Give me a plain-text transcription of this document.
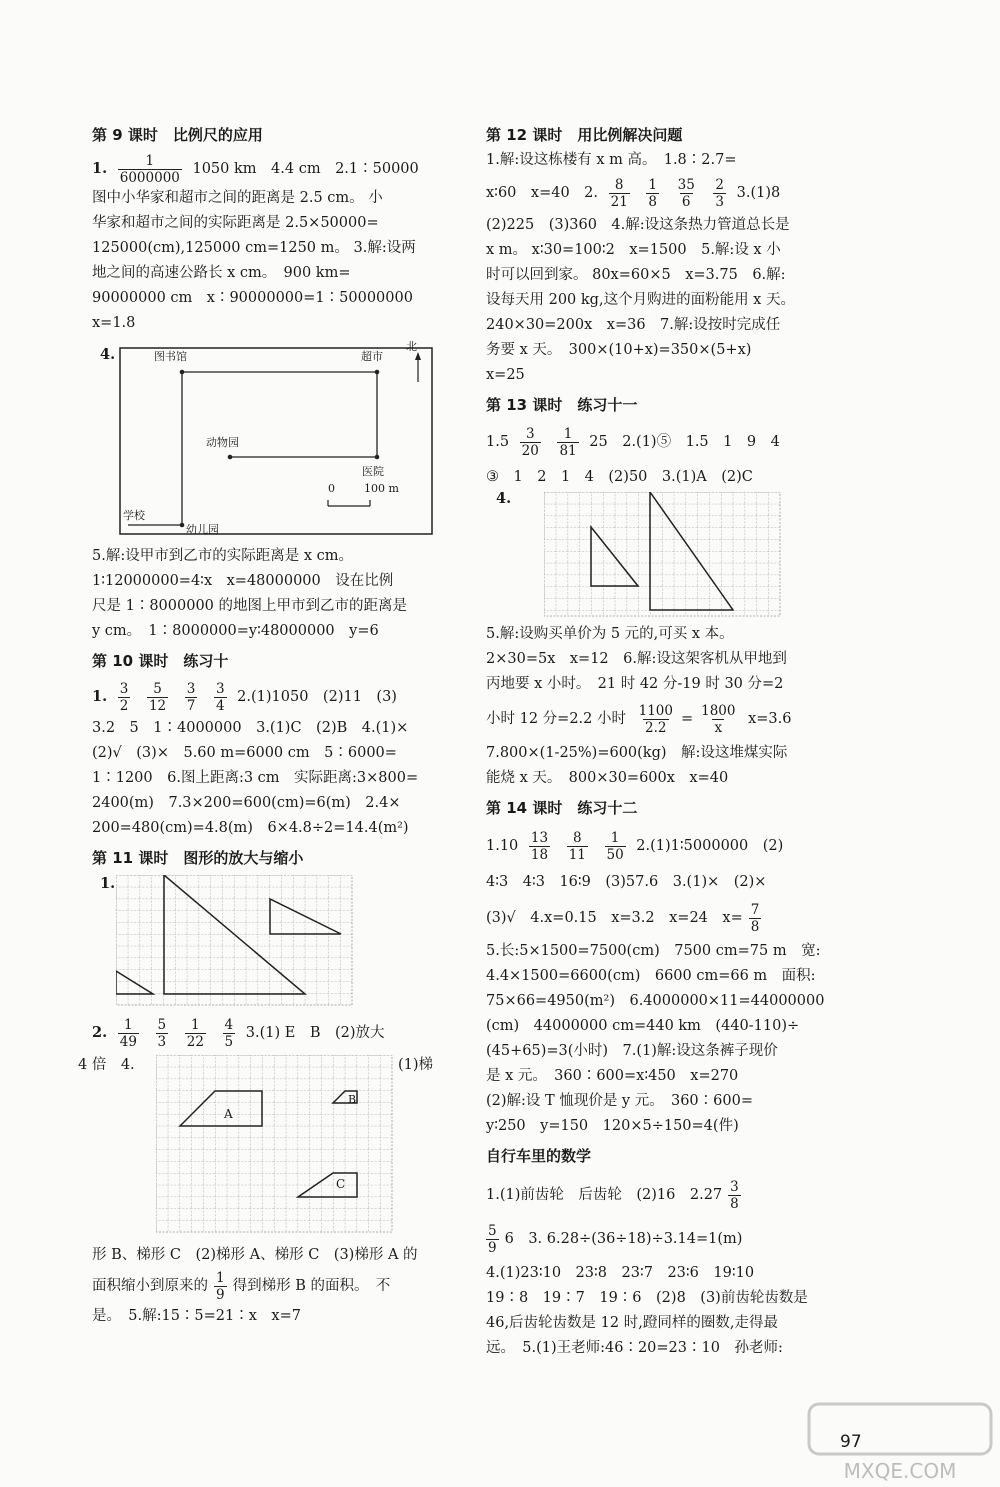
第 9 课时　比例尺的应用
1. $\frac{1}{6000000} 1050$ km　4.4 cm　2.1∶50000
图中小华家和超市之间的距离是 2.5 cm。 小
华家和超市之间的实际距离是 2.5×50000=
125000(cm),125000 cm=1250 m。 3.解:设两
地之间的高速公路长 x cm。　900 km=
90000000 cm　x∶90000000=1∶50000000
x=1.8
4.	图书馆	超市
北
动物园
医院
学校
幼儿园
0	100 m
5.解:设甲市到乙市的实际距离是 x cm。
1∶12000000=4∶x　x=48000000　设在比例
尺是 1∶8000000 的地图上甲市到乙市的距离是
y cm。　1∶8000000=y∶48000000　y=6
第 10 课时　练习十
1. $\frac{3}{2}$
$\frac{5}{12}$
$\frac{3}{7}$
$\frac{3}{4} 2.(1)1050$　(2)11　(3)
3.2　5　1∶4000000　3.(1)C　(2)B　4.(1)×
(2)√　(3)×　5.60 m=6000 cm　5∶6000=
1∶1200　6.图上距离:3 cm　实际距离:3×800=
2400(m)　7.3×200=600(cm)=6(m)　2.4×
200=480(cm)=4.8(m)　6×4.8÷2=14.4(m²)
第 11 课时　图形的放大与缩小
1.
2. $\frac{1}{49}$
$\frac{5}{3}$
$\frac{1}{22}$
$\frac{4}{5} 3.(1)$ E　B　(2)放大
4 倍　4.	(1)梯
A
B
C
形 B、梯形 C　(2)梯形 A、梯形 C　(3)梯形 A 的
面积缩小到原来的 $\frac{1}{9}$ 得到梯形 B 的面积。　不
是。　5.解:15∶5=21∶x　x=7
第 12 课时　用比例解决问题
1.解:设这栋楼有 x m 高。　1.8∶2.7=
x∶60　x=40　2. $\frac{8}{21}$
$\frac{1}{8}$
$\frac{35}{6}$
$\frac{2}{3} 3.(1)8$
(2)225　(3)360　4.解:设这条热力管道总长是
x m。 x∶30=100∶2　x=1500　5.解:设 x 小
时可以回到家。 80x=60×5　x=3.75　6.解:
设每天用 200 kg,这个月购进的面粉能用 x 天。
240×30=200x　x=36　7.解:设按时完成任
务要 x 天。　300×(10+x)=350×(5+x)
x=25
第 13 课时　练习十一
$1.5 \frac{3}{20}$
$\frac{1}{81} 25$　2.(1)⑤　1.5　1　9　4
③　1　2　1　4　(2)50　3.(1)A　(2)C
4.
5.解:设购买单价为 5 元的,可买 x 本。
2×30=5x　x=12　6.解:设这架客机从甲地到
丙地要 x 小时。　21 时 42 分-19 时 30 分=2
小时 12 分=2.2 小时 $\frac{1100}{2.2} = \frac{1800}{x} x=3.6$
7.800×(1-25%)=600(kg)　解:设这堆煤实际
能烧 x 天。　800×30=600x　x=40
第 14 课时　练习十二
$1.10 \frac{13}{18}$
$\frac{8}{11}$
$\frac{1}{50}$ 2.(1)1∶5000000　(2)
4∶3　4∶3　16∶9　(3)57.6　3.(1)×　(2)×
(3)√　4.x=0.15　x=3.2　x=24　$x= \frac{7}{8}$
5.长:5×1500=7500(cm)　7500 cm=75 m　宽:
4.4×1500=6600(cm)　6600 cm=66 m　面积:
75×66=4950(m²)　6.4000000×11=44000000
(cm)　44000000 cm=440 km　(440-110)÷
(45+65)=3(小时)　7.(1)解:设这条裤子现价
是 x 元。　360∶600=x∶450　x=270
(2)解:设 T 恤现价是 y 元。　360∶600=
y∶250　y=150　120×5÷150=4(件)
自行车里的数学
1.(1)前齿轮　后齿轮　(2)16　$2.27 \frac{3}{8}$
$\frac{5}{9} 6$　3. 6.28÷(36÷18)÷3.14=1(m)
4.(1)23∶10　23∶8　23∶7　23∶6　19∶10
19∶8　19∶7　19∶6　(2)8　(3)前齿轮齿数是
46,后齿轮齿数是 12 时,蹬同样的圈数,走得最
远。　5.(1)王老师:46∶20=23∶10　孙老师:
MXQE.COM
97
